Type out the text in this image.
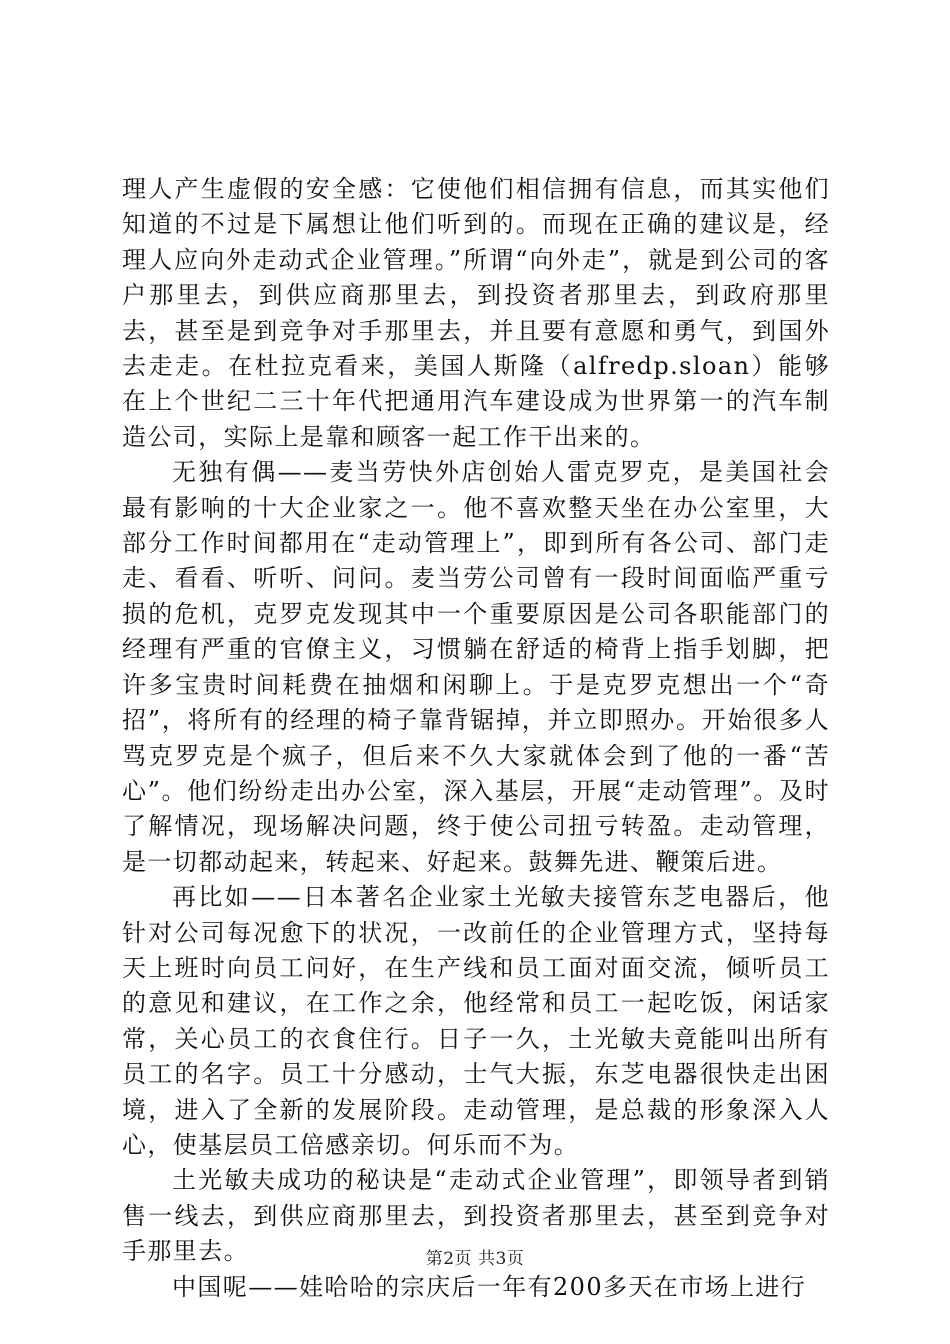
理人产生虚假的安全感：它使他们相信拥有信息，而其实他们知道的不过是下属想让他们听到的。而现在正确的建议是，经理人应向外走动式企业管理。”所谓“向外走”，就是到公司的客户那里去，到供应商那里去，到投资者那里去，到政府那里去，甚至是到竞争对手那里去，并且要有意愿和勇气，到国外去走走。在杜拉克看来，美国人斯隆（alfredp.sloan）能够在上个世纪二三十年代把通用汽车建设成为世界第一的汽车制造公司，实际上是靠和顾客一起工作干出来的。

无独有偶——麦当劳快外店创始人雷克罗克，是美国社会最有影响的十大企业家之一。他不喜欢整天坐在办公室里，大部分工作时间都用在“走动管理上”，即到所有各公司、部门走走、看看、听听、问问。麦当劳公司曾有一段时间面临严重亏损的危机，克罗克发现其中一个重要原因是公司各职能部门的经理有严重的官僚主义，习惯躺在舒适的椅背上指手划脚，把许多宝贵时间耗费在抽烟和闲聊上。于是克罗克想出一个“奇招”，将所有的经理的椅子靠背锯掉，并立即照办。开始很多人骂克罗克是个疯子，但后来不久大家就体会到了他的一番“苦心”。他们纷纷走出办公室，深入基层，开展“走动管理”。及时了解情况，现场解决问题，终于使公司扭亏转盈。走动管理，是一切都动起来，转起来、好起来。鼓舞先进、鞭策后进。

再比如——日本著名企业家土光敏夫接管东芝电器后，他针对公司每况愈下的状况，一改前任的企业管理方式，坚持每天上班时向员工问好，在生产线和员工面对面交流，倾听员工的意见和建议，在工作之余，他经常和员工一起吃饭，闲话家常，关心员工的衣食住行。日子一久，土光敏夫竟能叫出所有员工的名字。员工十分感动，士气大振，东芝电器很快走出困境，进入了全新的发展阶段。走动管理，是总裁的形象深入人心，使基层员工倍感亲切。何乐而不为。

土光敏夫成功的秘诀是“走动式企业管理”，即领导者到销售一线去，到供应商那里去，到投资者那里去，甚至到竞争对手那里去。

中国呢——娃哈哈的宗庆后一年有200多天在市场上进行

第2页 共3页
